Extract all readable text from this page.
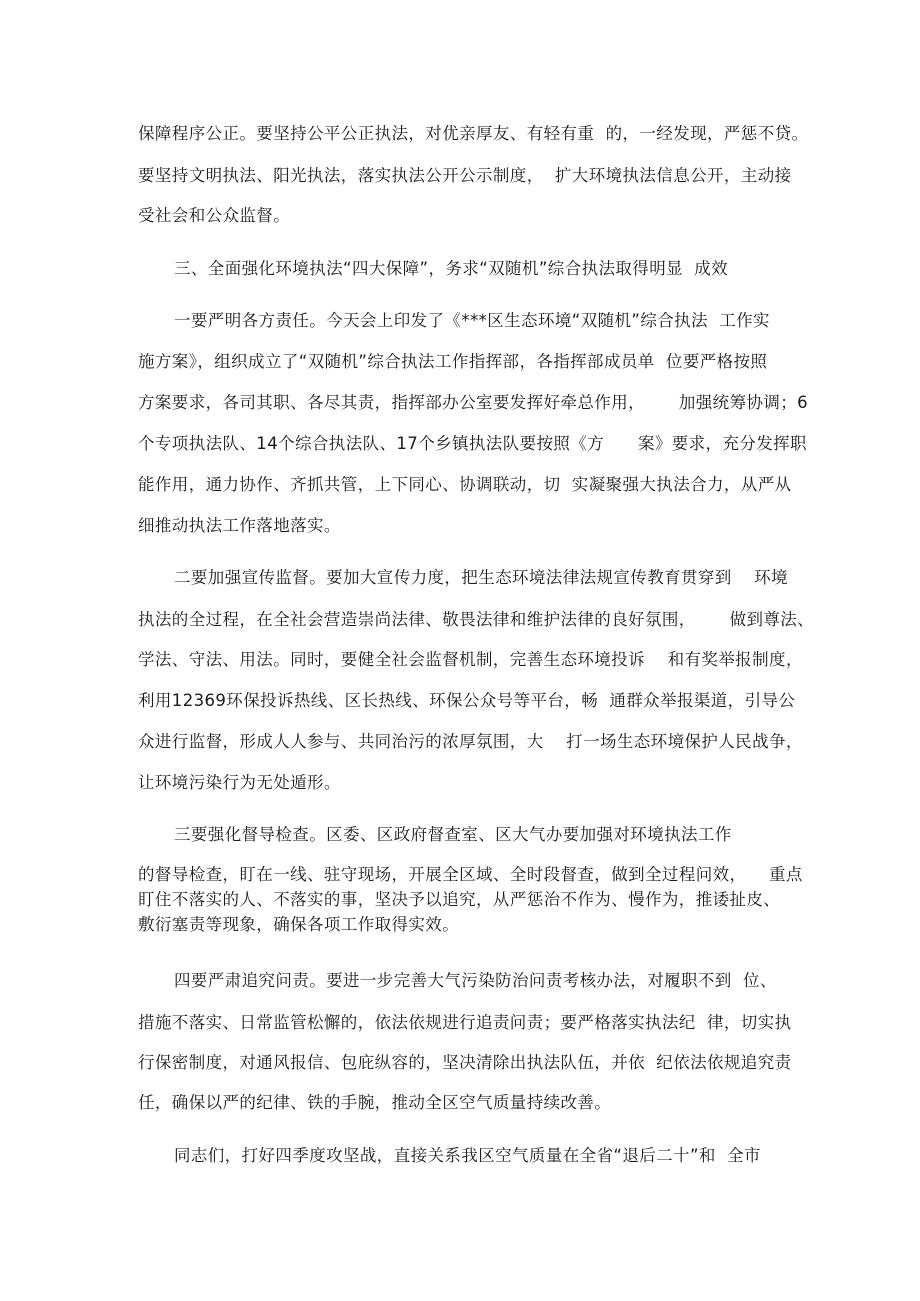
保障程序公正。要坚持公平公正执法，对优亲厚友、有轻有重  的，一经发现，严惩不贷。
要坚持文明执法、阳光执法，落实执法公开公示制度，  扩大环境执法信息公开，主动接
受社会和公众监督。
三、全面强化环境执法“四大保障”，务求“双随机”综合执法取得明显  成效
一要严明各方责任。今天会上印发了《***区生态环境“双随机”综合执法  工作实
施方案》，组织成立了“双随机”综合执法工作指挥部，各指挥部成员单  位要严格按照
方案要求，各司其职、各尽其责，指挥部办公室要发挥好牵总作用，      加强统筹协调；6
个专项执法队、14个综合执法队、17个乡镇执法队要按照《方      案》要求，充分发挥职
能作用，通力协作、齐抓共管，上下同心、协调联动，切  实凝聚强大执法合力，从严从
细推动执法工作落地落实。
二要加强宣传监督。要加大宣传力度，把生态环境法律法规宣传教育贯穿到    环境
执法的全过程，在全社会营造崇尚法律、敬畏法律和维护法律的良好氛围，      做到尊法、
学法、守法、用法。同时，要健全社会监督机制，完善生态环境投诉    和有奖举报制度，
利用12369环保投诉热线、区长热线、环保公众号等平台，畅  通群众举报渠道，引导公
众进行监督，形成人人参与、共同治污的浓厚氛围，大    打一场生态环境保护人民战争，
让环境污染行为无处遁形。
三要强化督导检查。区委、区政府督查室、区大气办要加强对环境执法工作
的督导检查，盯在一线、驻守现场，开展全区域、全时段督查，做到全过程问效，    重点
盯住不落实的人、不落实的事，坚决予以追究，从严惩治不作为、慢作为，推诿扯皮、
敷衍塞责等现象，确保各项工作取得实效。
四要严肃追究问责。要进一步完善大气污染防治问责考核办法，对履职不到  位、
措施不落实、日常监管松懈的，依法依规进行追责问责；要严格落实执法纪  律，切实执
行保密制度，对通风报信、包庇纵容的，坚决清除出执法队伍，并依  纪依法依规追究责
任，确保以严的纪律、铁的手腕，推动全区空气质量持续改善。
同志们，打好四季度攻坚战，直接关系我区空气质量在全省“退后二十”和  全市
